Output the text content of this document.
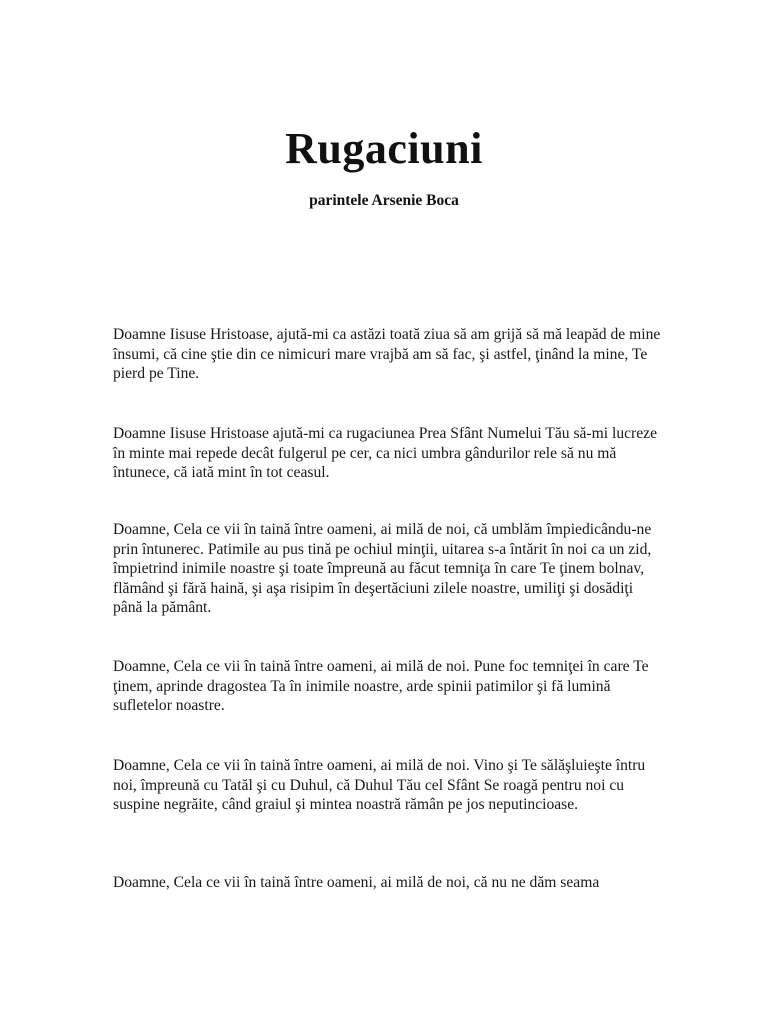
Rugaciuni

parintele Arsenie Boca

Doamne Iisuse Hristoase, ajută-mi ca astăzi toată ziua să am grijă să mă leapăd de mine însumi, că cine ştie din ce nimicuri mare vrajbă am să fac, şi astfel, ţinând la mine, Te pierd pe Tine.

Doamne Iisuse Hristoase ajută-mi ca rugaciunea Prea Sfânt Numelui Tău să-mi lucreze în minte mai repede decât fulgerul pe cer, ca nici umbra gândurilor rele să nu mă întunece, că iată mint în tot ceasul.

Doamne, Cela ce vii în taină între oameni, ai milă de noi, că umblăm împiedicându-ne prin întunerec. Patimile au pus tină pe ochiul minţii, uitarea s-a întărit în noi ca un zid, împietrind inimile noastre şi toate împreună au făcut temniţa în care Te ţinem bolnav, flămând şi fără haină, şi aşa risipim în deşertăciuni zilele noastre, umiliţi şi dosădiţi până la pământ.

Doamne, Cela ce vii în taină între oameni, ai milă de noi. Pune foc temniţei în care Te ţinem, aprinde dragostea Ta în inimile noastre, arde spinii patimilor şi fă lumină sufletelor noastre.

Doamne, Cela ce vii în taină între oameni, ai milă de noi. Vino şi Te sălăşluieşte întru noi, împreună cu Tatăl şi cu Duhul, că Duhul Tău cel Sfânt Se roagă pentru noi cu suspine negrăite, când graiul şi mintea noastră rămân pe jos neputincioase.

Doamne, Cela ce vii în taină între oameni, ai milă de noi, că nu ne dăm seama
